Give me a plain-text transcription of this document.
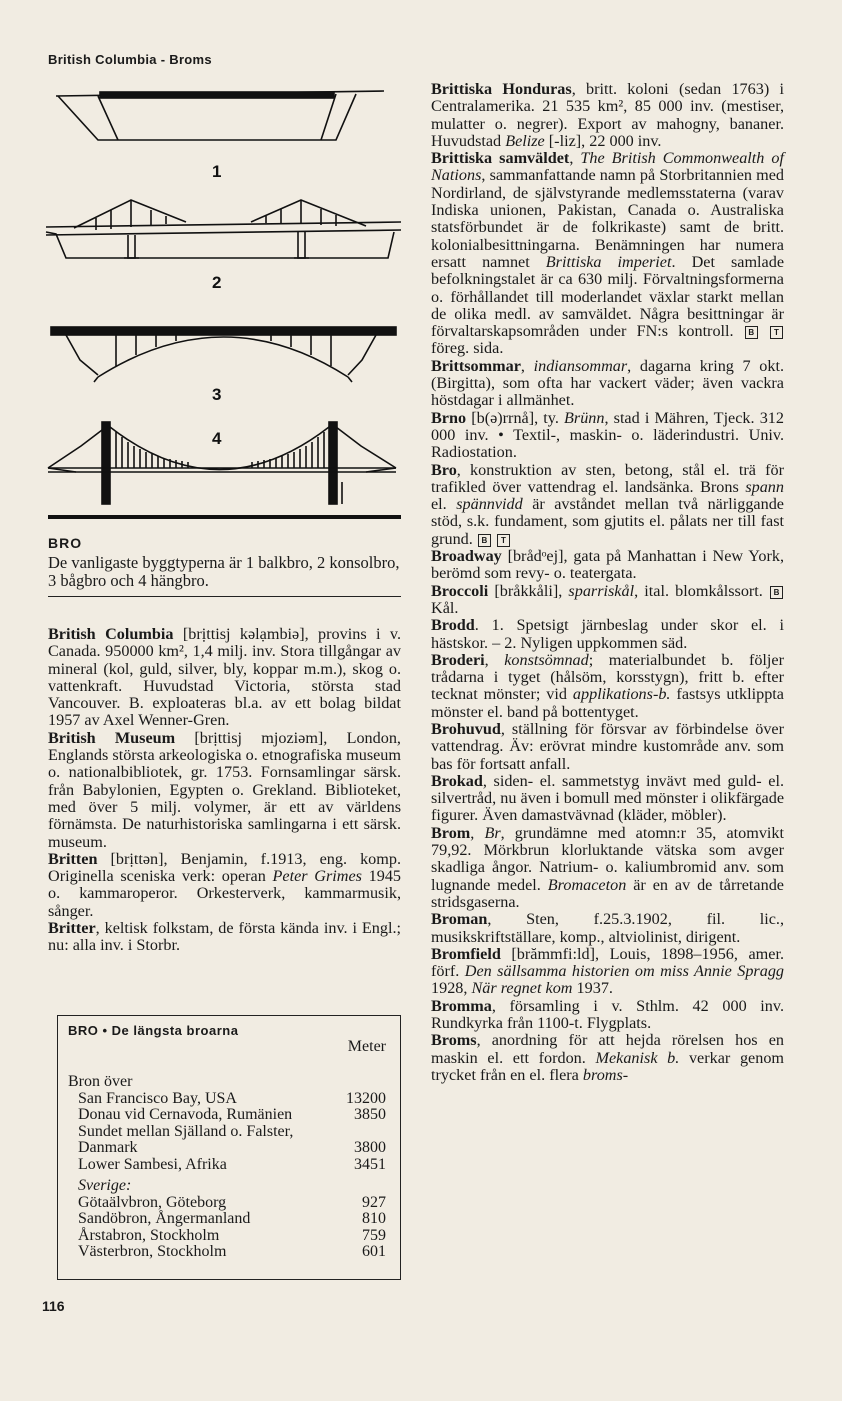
British Columbia - Broms
1
2
3
4
BRO
De vanligaste byggtyperna är 1 balkbro, 2 konsolbro, 3 bågbro och 4 hängbro.

British Columbia [brịttisj kəlạmbiə], provins i v. Canada. 950000 km², 1,4 milj. inv. Stora tillgångar av mineral (kol, guld, silver, bly, koppar m.m.), skog o. vattenkraft. Huvudstad Victoria, största stad Vancouver. B. exploateras bl.a. av ett bolag bildat 1957 av Axel Wenner-Gren.

British Museum [brịttisj mjoziəm], London, Englands största arkeologiska o. etnografiska museum o. nationalbibliotek, gr. 1753. Fornsamlingar särsk. från Babylonien, Egypten o. Grekland. Biblioteket, med över 5 milj. volymer, är ett av världens förnämsta. De naturhistoriska samlingarna i ett särsk. museum.

Britten [brịttən], Benjamin, f.1913, eng. komp. Originella sceniska verk: operan Peter Grimes 1945 o. kammaroperor. Orkesterverk, kammarmusik, sånger.

Britter, keltisk folkstam, de första kända inv. i Engl.; nu: alla inv. i Storbr.

BRO • De längsta broarna
Meter
Bron över
San Francisco Bay, USA	13200
Donau vid Cernavoda, Rumänien	3850
Sundet mellan Själland o. Falster, Danmark	3800
Lower Sambesi, Afrika	3451
Sverige:
Götaälvbron, Göteborg	927
Sandöbron, Ångermanland	810
Årstabron, Stockholm	759
Västerbron, Stockholm	601
116

Brittiska Honduras, britt. koloni (sedan 1763) i Centralamerika. 21 535 km², 85 000 inv. (mestiser, mulatter o. negrer). Export av mahogny, bananer. Huvudstad Belize [-liz], 22 000 inv.

Brittiska samväldet, The British Commonwealth of Nations, sammanfattande namn på Storbritannien med Nordirland, de självstyrande medlemsstaterna (varav Indiska unionen, Pakistan, Canada o. Australiska statsförbundet är de folkrikaste) samt de britt. kolonialbesittningarna. Benämningen har numera ersatt namnet Brittiska imperiet. Det samlade befolkningstalet är ca 630 milj. Förvaltningsformerna o. förhållandet till moderlandet växlar starkt mellan de olika medl. av samväldet. Några besittningar är förvaltarskapsområden under FN:s kontroll. B T föreg. sida.

Brittsommar, indiansommar, dagarna kring 7 okt. (Birgitta), som ofta har vackert väder; även vackra höstdagar i allmänhet.

Brno [b(ə)rrnå], ty. Brünn, stad i Mähren, Tjeck. 312 000 inv. • Textil-, maskin- o. läderindustri. Univ. Radiostation.

Bro, konstruktion av sten, betong, stål el. trä för trafikled över vattendrag el. landsänka. Brons spann el. spännvidd är avståndet mellan två närliggande stöd, s.k. fundament, som gjutits el. pålats ner till fast grund. B T

Broadway [brådᵒej], gata på Manhattan i New York, berömd som revy- o. teatergata.

Broccoli [bråkkåli], sparriskål, ital. blomkålssort. B Kål.

Brodd. 1. Spetsigt järnbeslag under skor el. i hästskor. – 2. Nyligen uppkommen säd.

Broderi, konstsömnad; materialbundet b. följer trådarna i tyget (hålsöm, korsstygn), fritt b. efter tecknat mönster; vid applikations-b. fastsys utklippta mönster el. band på bottentyget.

Brohuvud, ställning för försvar av förbindelse över vattendrag. Äv: erövrat mindre kustområde anv. som bas för fortsatt anfall.

Brokad, siden- el. sammetstyg invävt med guld- el. silvertråd, nu även i bomull med mönster i olikfärgade figurer. Även damastvävnad (kläder, möbler).

Brom, Br, grundämne med atomn:r 35, atomvikt 79,92. Mörkbrun klorluktande vätska som avger skadliga ångor. Natrium- o. kaliumbromid anv. som lugnande medel. Bromaceton är en av de tårretande stridsgaserna.

Broman, Sten, f.25.3.1902, fil. lic., musikskriftställare, komp., altviolinist, dirigent.

Bromfield [brămmfi:ld], Louis, 1898–1956, amer. förf. Den sällsamma historien om miss Annie Spragg 1928, När regnet kom 1937.

Bromma, församling i v. Sthlm. 42 000 inv. Rundkyrka från 1100-t. Flygplats.

Broms, anordning för att hejda rörelsen hos en maskin el. ett fordon. Mekanisk b. verkar genom trycket från en el. flera broms-
